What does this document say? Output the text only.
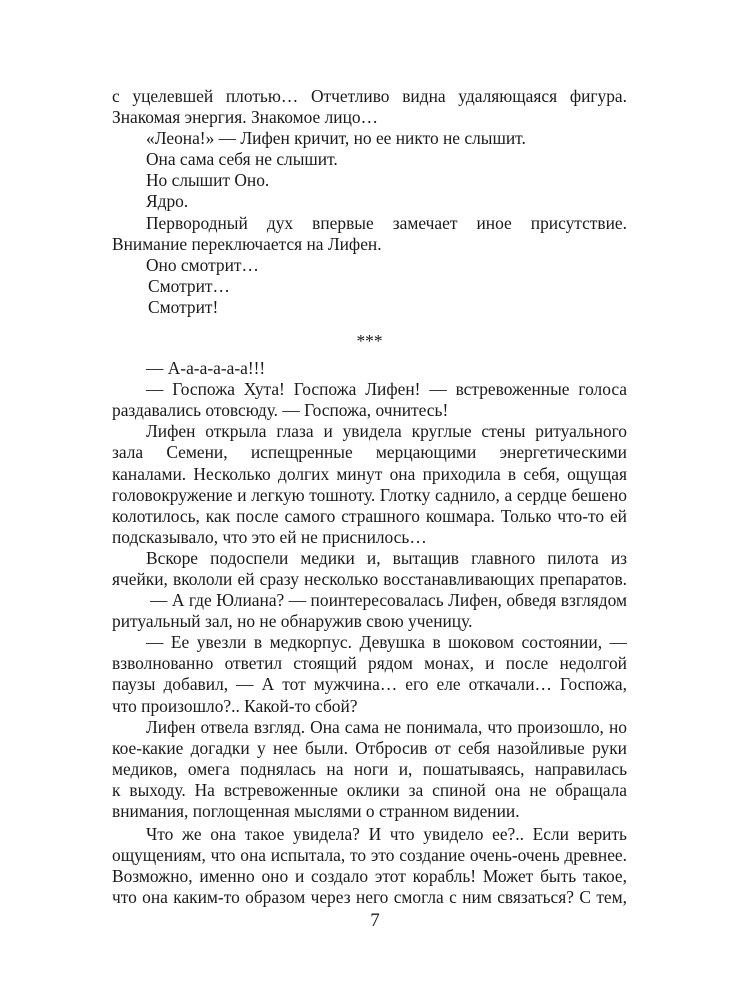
с уцелевшей плотью… Отчетливо видна удаляющаяся фигура.
Знакомая энергия. Знакомое лицо…
«Леона!» — Лифен кричит, но ее никто не слышит.
Она сама себя не слышит.
Но слышит Оно.
Ядро.
Первородный дух впервые замечает иное присутствие.
Внимание переключается на Лифен.
Оно смотрит…
Смотрит…
Смотрит!
***
— А-а-а-а-а-а!!!
— Госпожа Хута! Госпожа Лифен! — встревоженные голоса
раздавались отовсюду. — Госпожа, очнитесь!
Лифен открыла глаза и увидела круглые стены ритуального
зала Семени, испещренные мерцающими энергетическими
каналами. Несколько долгих минут она приходила в себя, ощущая
головокружение и легкую тошноту. Глотку саднило, а сердце бешено
колотилось, как после самого страшного кошмара. Только что-то ей
подсказывало, что это ей не приснилось…
Вскоре подоспели медики и, вытащив главного пилота из
ячейки, вкололи ей сразу несколько восстанавливающих препаратов.
— А где Юлиана? — поинтересовалась Лифен, обведя взглядом
ритуальный зал, но не обнаружив свою ученицу.
— Ее увезли в медкорпус. Девушка в шоковом состоянии, —
взволнованно ответил стоящий рядом монах, и после недолгой
паузы добавил, — А тот мужчина… его еле откачали… Госпожа,
что произошло?.. Какой-то сбой?
Лифен отвела взгляд. Она сама не понимала, что произошло, но
кое-какие догадки у нее были. Отбросив от себя назойливые руки
медиков, омега поднялась на ноги и, пошатываясь, направилась
к выходу. На встревоженные оклики за спиной она не обращала
внимания, поглощенная мыслями о странном видении.
Что же она такое увидела? И что увидело ее?.. Если верить
ощущениям, что она испытала, то это создание очень-очень древнее.
Возможно, именно оно и создало этот корабль! Может быть такое,
что она каким-то образом через него смогла с ним связаться? С тем,
7
